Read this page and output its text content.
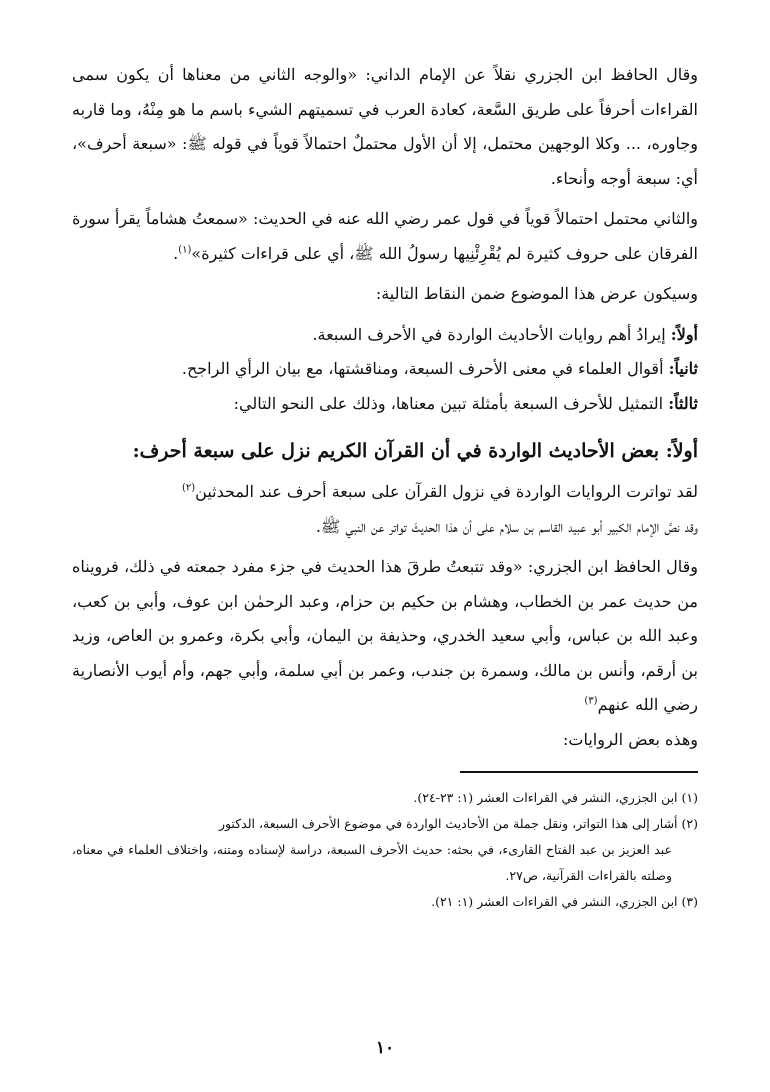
وقال الحافظ ابن الجزري نقلاً عن الإمام الداني: «والوجه الثاني من معناها أن يكون سمى القراءات أحرفاً على طريق السَّعة، كعادة العرب في تسميتهم الشيء باسم ما هو مِنْهُ، وما قاربه وجاوره، ... وكلا الوجهين محتمل، إلا أن الأول محتملٌ احتمالاً قوياً في قوله ﷺ: «سبعة أحرف»، أي: سبعة أوجه وأنحاء.

والثاني محتمل احتمالاً قوياً في قول عمر رضي الله عنه في الحديث: «سمعتُ هشاماً يقرأ سورة الفرقان على حروف كثيرة لم يُقْرِئْنِيها رسولُ الله ﷺ، أي على قراءات كثيرة»$^{(١)}$.

وسيكون عرض هذا الموضوع ضمن النقاط التالية:

أولاً: إيرادُ أهم روايات الأحاديث الواردة في الأحرف السبعة.

ثانياً: أقوال العلماء في معنى الأحرف السبعة، ومناقشتها، مع بيان الرأي الراجح.

ثالثاً: التمثيل للأحرف السبعة بأمثلة تبين معناها، وذلك على النحو التالي:

أولاً: بعض الأحاديث الواردة في أن القرآن الكريم نزل على سبعة أحرف:

لقد تواترت الروايات الواردة في نزول القرآن على سبعة أحرف عند المحدثين$^{(٢)}$
وقد نصَّ الإمام الكبير أبو عبيد القاسم بن سلام على أن هذا الحديثَ تواتر عن النبي ﷺ.

وقال الحافظ ابن الجزري: «وقد تتبعتُ طرقَ هذا الحديث في جزء مفرد جمعته في ذلك، فرويناه من حديث عمر بن الخطاب، وهشام بن حكيم بن حزام، وعبد الرحمٰن ابن عوف، وأبي بن كعب، وعبد الله بن عباس، وأبي سعيد الخدري، وحذيفة بن اليمان، وأبي بكرة، وعمرو بن العاص، وزيد بن أرقم، وأنس بن مالك، وسمرة بن جندب، وعمر بن أبي سلمة، وأبي جهم، وأم أيوب الأنصارية رضي الله عنهم$^{(٣)}$
وهذه بعض الروايات:

(١) ابن الجزري، النشر في القراءات العشر (١: ٢٣-٢٤).

(٢) أشار إلى هذا التواتر، ونقل جملة من الأحاديث الواردة في موضوع الأحرف السبعة، الدكتور

عبد العزيز بن عبد الفتاح القارىء، في بحثه: حديث الأحرف السبعة، دراسة لإسناده ومتنه، واختلاف العلماء في معناه، وصلته بالقراءات القرآنية، ص٢٧.

(٣) ابن الجزري، النشر في القراءات العشر (١: ٢١).

١٠
